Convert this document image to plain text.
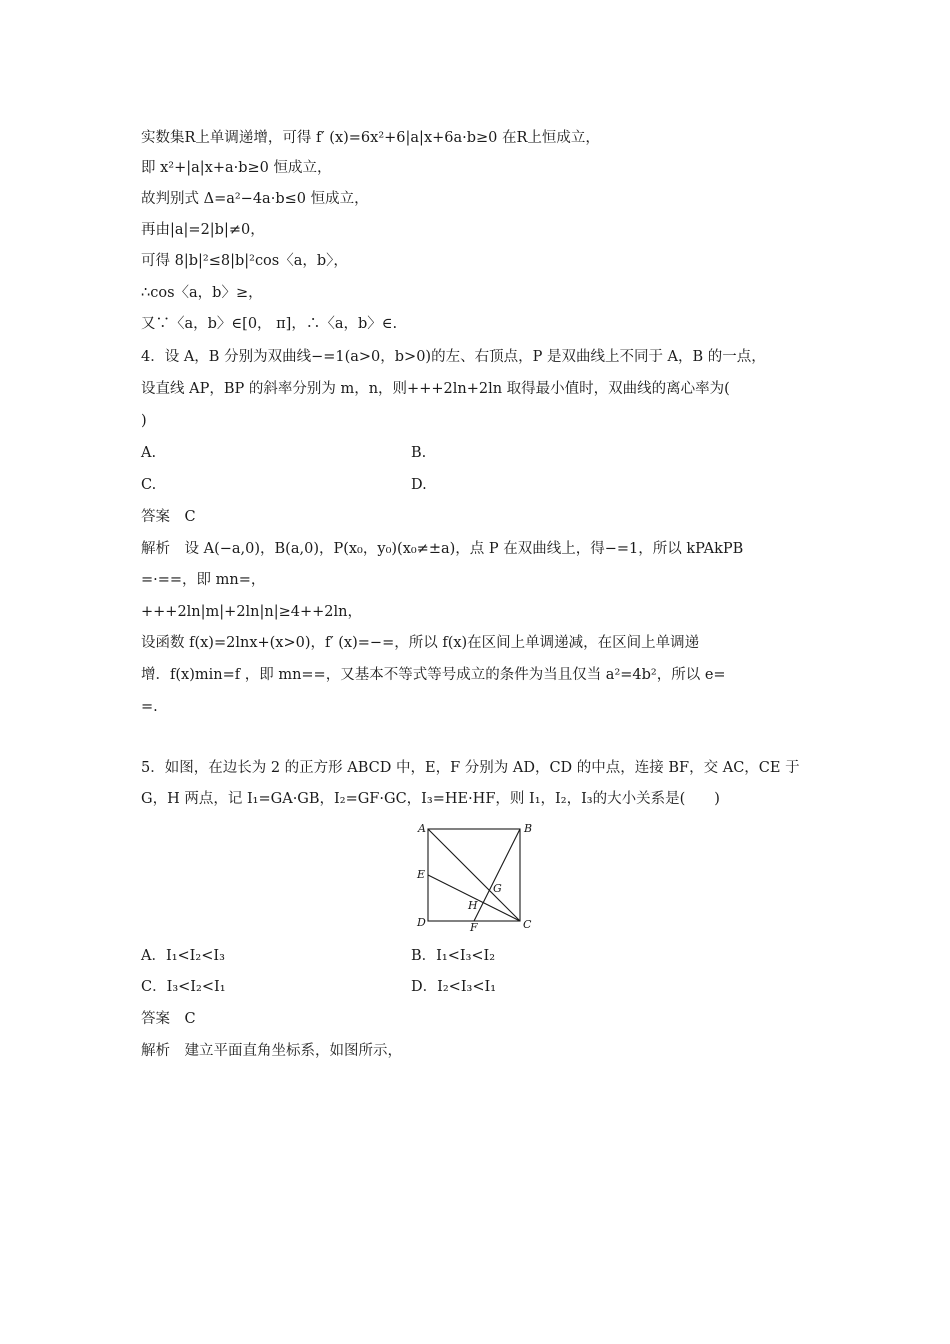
实数集R上单调递增，可得 f′ (x)=6x²+6|a|x+6a·b≥0 在R上恒成立，
即 x²+|a|x+a·b≥0 恒成立，
故判别式 Δ=a²−4a·b≤0 恒成立，
再由|a|=2|b|≠0，
可得 8|b|²≤8|b|²cos〈a，b〉，
∴cos〈a，b〉≥，
又∵〈a，b〉∈[0， π]，∴〈a，b〉∈.
4．设 A，B 分别为双曲线−=1(a>0，b>0)的左、右顶点，P 是双曲线上不同于 A，B 的一点，
设直线 AP，BP 的斜率分别为 m，n，则+++2ln+2ln 取得最小值时，双曲线的离心率为(
)
A.	B.
C.	D.
答案　C
解析　设 A(−a,0)，B(a,0)，P(x₀，y₀)(x₀≠±a)，点 P 在双曲线上，得−=1，所以 kPAkPB
=·==，即 mn=，
+++2ln|m|+2ln|n|≥4++2ln，
设函数 f(x)=2lnx+(x>0)，f′ (x)=−=，所以 f(x)在区间上单调递减，在区间上单调递
增．f(x)min=f ，即 mn==，又基本不等式等号成立的条件为当且仅当 a²=4b²，所以 e=
=.
5．如图，在边长为 2 的正方形 ABCD 中，E，F 分别为 AD，CD 的中点，连接 BF，交 AC，CE 于
G，H 两点，记 I₁=GA·GB，I₂=GF·GC，I₃=HE·HF，则 I₁，I₂，I₃的大小关系是(　　)
A	B
C
D
E
F
G
H
A．I₁<I₂<I₃	B．I₁<I₃<I₂
C．I₃<I₂<I₁	D．I₂<I₃<I₁
答案　C
解析　建立平面直角坐标系，如图所示，
